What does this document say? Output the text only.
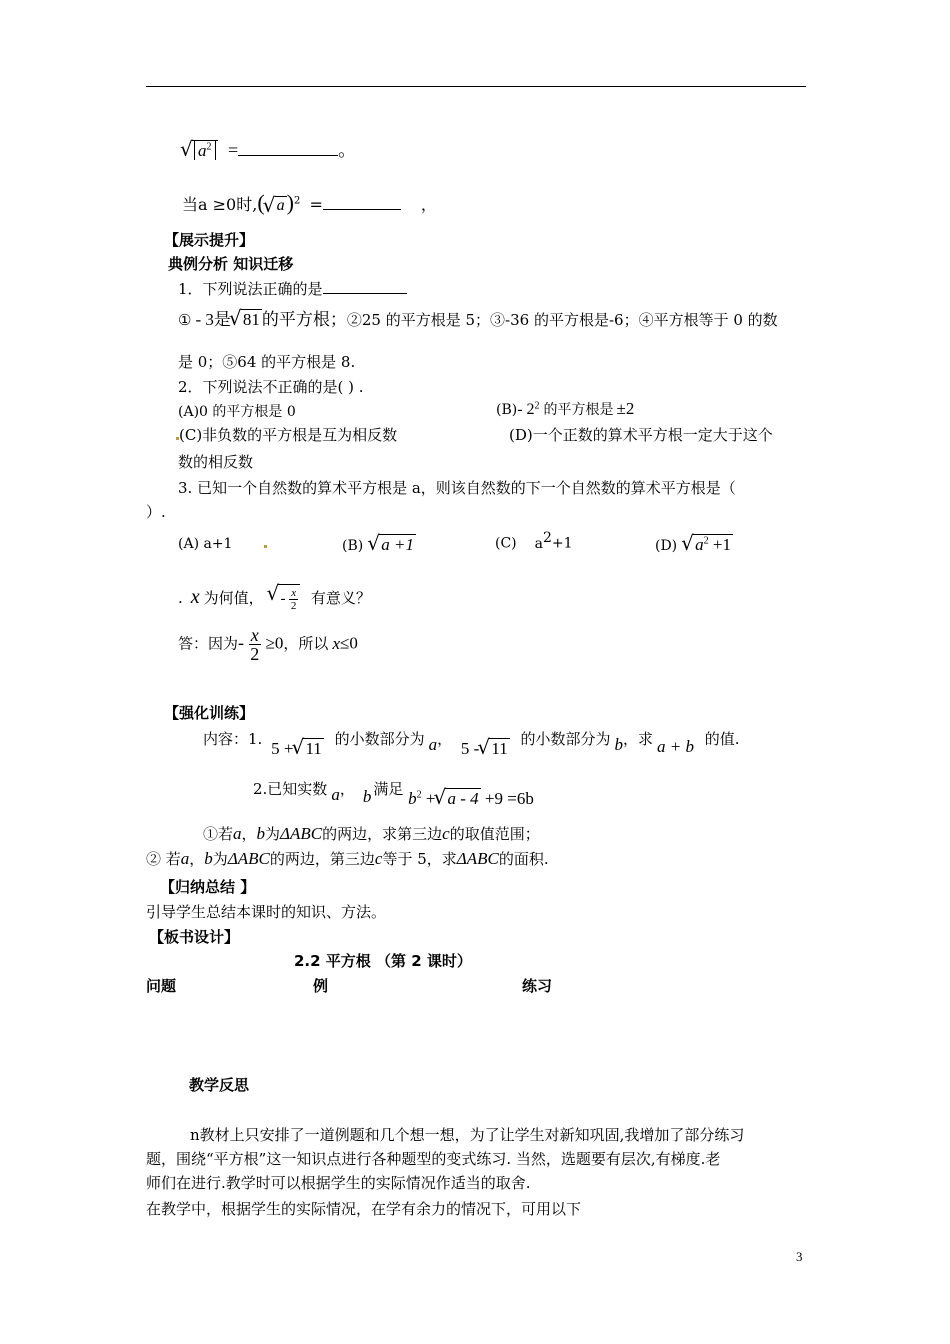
√ $a^2$ =	。
当a ≥0时,( √ a)$^2$ =	，
【展示提升】
典例分析 知识迁移
1．下列说法正确的是
① - 3是 √ 81 的平方根；②25 的平方根是 5；③-36 的平方根是-6；④平方根等于 0 的数
是 0；⑤64 的平方根是 8.
2．下列说法不正确的是( ) .
(A)0 的平方根是 0	(B)- $2^2$ 的平方根是 ±2
(C)非负数的平方根是互为相反数	(D)一个正数的算术平方根一定大于这个
数的相反数
3. 已知一个自然数的算术平方根是 a，则该自然数的下一个自然数的算术平方根是（
）.
(A) a+1	(B) √ a +1	(C) $a^2+1$	(D) √ $a^2 +1$
. x 为何值， √ - $\frac{x}{2}$ 有意义？
答：因为- $\frac{x}{2} \ge 0$，所以 x≤0
【强化训练】
内容：1. 5 + √ 11 的小数部分为 a， 5 - √ 11 的小数部分为 b，求 a + b 的值.
2.已知实数 a， b 满足 $b^2$ + √ a - 4 +9 =6b
①若a，b为ΔABC的两边，求第三边c的取值范围；
② 若a，b为ΔABC的两边，第三边c等于 5，求ΔABC的面积.
【归纳总结 】
引导学生总结本课时的知识、方法。
【板书设计】
2.2 平方根 （第 2 课时）
问题	例	练习
教学反思
n教材上只安排了一道例题和几个想一想，为了让学生对新知巩固,我增加了部分练习
题，围绕“平方根”这一知识点进行各种题型的变式练习. 当然，选题要有层次,有梯度.老
师们在进行.教学时可以根据学生的实际情况作适当的取舍.
在教学中，根据学生的实际情况，在学有余力的情况下，可用以下
3
